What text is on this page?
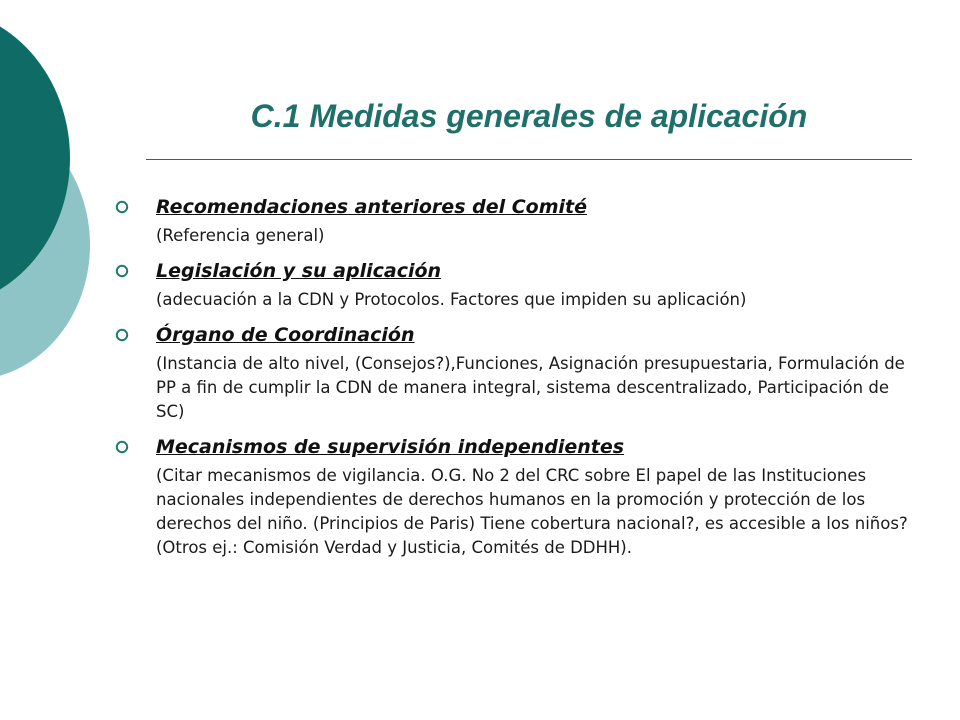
C.1 Medidas generales de aplicación
Recomendaciones anteriores del Comité
(Referencia general)
Legislación y su aplicación
(adecuación a la CDN y Protocolos. Factores que impiden su aplicación)
Órgano de Coordinación
(Instancia de alto nivel, (Consejos?),Funciones, Asignación presupuestaria, Formulación de PP a fin de cumplir la CDN de manera integral, sistema descentralizado, Participación de SC)
Mecanismos de supervisión independientes
(Citar mecanismos de vigilancia. O.G. No 2 del CRC sobre El papel de las Instituciones nacionales independientes de derechos humanos en la promoción y protección de los derechos del niño. (Principios de Paris) Tiene cobertura nacional?, es accesible a los niños? (Otros ej.: Comisión Verdad y Justicia, Comités de DDHH).
